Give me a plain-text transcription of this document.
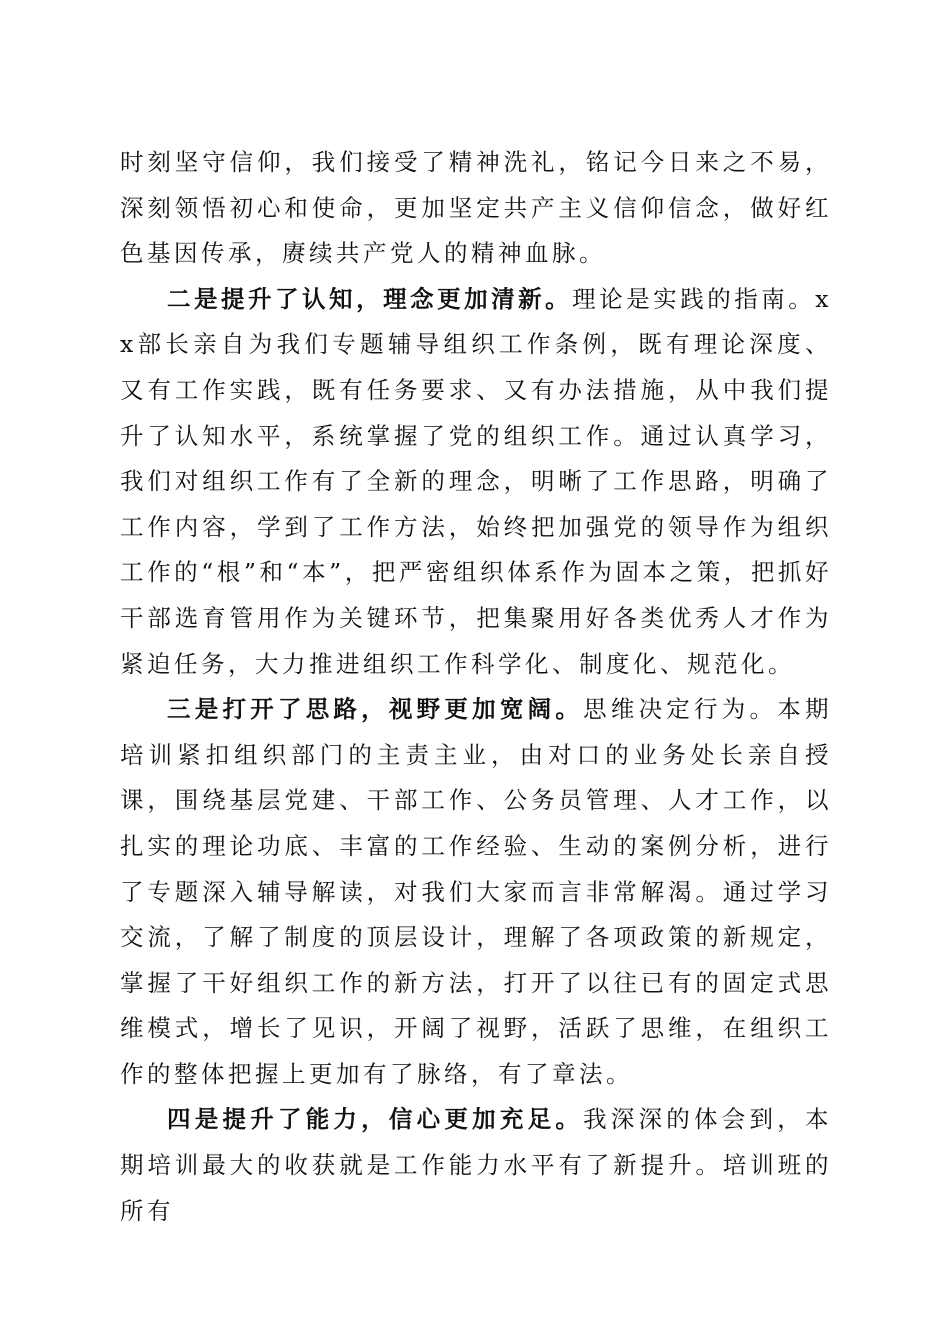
时刻坚守信仰，我们接受了精神洗礼，铭记今日来之不易，深刻领悟初心和使命，更加坚定共产主义信仰信念，做好红色基因传承，赓续共产党人的精神血脉。

二是提升了认知，理念更加清新。理论是实践的指南。xx部长亲自为我们专题辅导组织工作条例，既有理论深度、又有工作实践，既有任务要求、又有办法措施，从中我们提升了认知水平，系统掌握了党的组织工作。通过认真学习，我们对组织工作有了全新的理念，明晰了工作思路，明确了工作内容，学到了工作方法，始终把加强党的领导作为组织工作的“根”和“本”，把严密组织体系作为固本之策，把抓好干部选育管用作为关键环节，把集聚用好各类优秀人才作为紧迫任务，大力推进组织工作科学化、制度化、规范化。

三是打开了思路，视野更加宽阔。思维决定行为。本期培训紧扣组织部门的主责主业，由对口的业务处长亲自授课，围绕基层党建、干部工作、公务员管理、人才工作，以扎实的理论功底、丰富的工作经验、生动的案例分析，进行了专题深入辅导解读，对我们大家而言非常解渴。通过学习交流，了解了制度的顶层设计，理解了各项政策的新规定，掌握了干好组织工作的新方法，打开了以往已有的固定式思维模式，增长了见识，开阔了视野，活跃了思维，在组织工作的整体把握上更加有了脉络，有了章法。

四是提升了能力，信心更加充足。我深深的体会到，本期培训最大的收获就是工作能力水平有了新提升。培训班的所有
